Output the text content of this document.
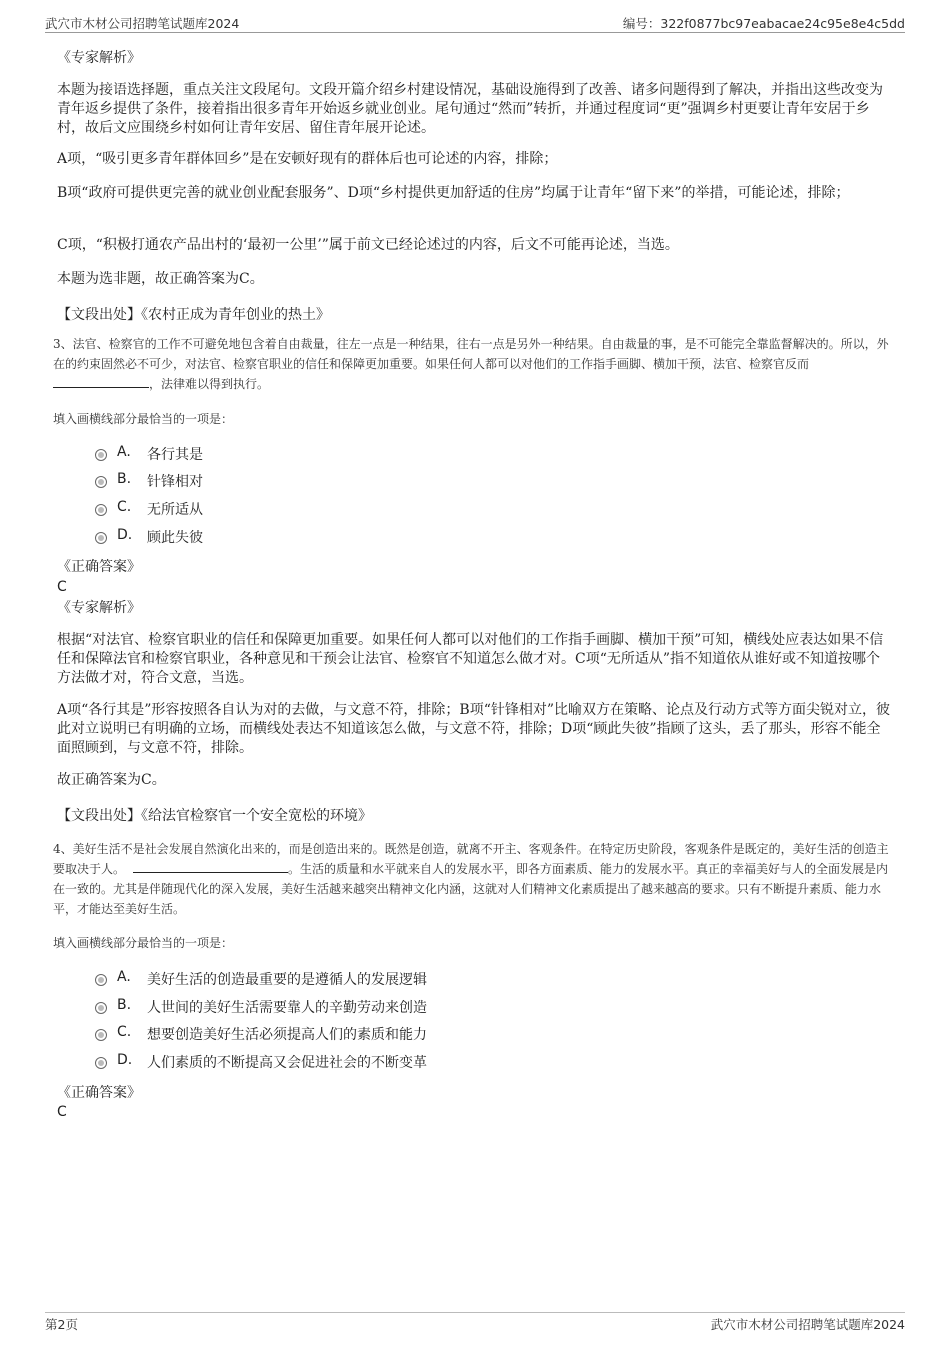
武穴市木材公司招聘笔试题库2024	编号：322f0877bc97eabacae24c95e8e4c5dd
《专家解析》

本题为接语选择题，重点关注文段尾句。文段开篇介绍乡村建设情况，基础设施得到了改善、诸多问题得到了解决，并指出这些改变为青年返乡提供了条件，接着指出很多青年开始返乡就业创业。尾句通过“然而”转折，并通过程度词“更”强调乡村更要让青年安居于乡村，故后文应围绕乡村如何让青年安居、留住青年展开论述。

A项，“吸引更多青年群体回乡”是在安顿好现有的群体后也可论述的内容，排除；

B项“政府可提供更完善的就业创业配套服务”、D项“乡村提供更加舒适的住房”均属于让青年“留下来”的举措，可能论述，排除；

C项，“积极打通农产品出村的‘最初一公里’”属于前文已经论述过的内容，后文不可能再论述，当选。

本题为选非题，故正确答案为C。

【文段出处】《农村正成为青年创业的热土》

3、法官、检察官的工作不可避免地包含着自由裁量，往左一点是一种结果，往右一点是另外一种结果。自由裁量的事，是不可能完全靠监督解决的。所以，外在的约束固然必不可少，对法官、检察官职业的信任和保障更加重要。如果任何人都可以对他们的工作指手画脚、横加干预，法官、检察官反而，法律难以得到执行。

填入画横线部分最恰当的一项是：

A. 各行其是
B. 针锋相对
C. 无所适从
D. 顾此失彼
《正确答案》
C
《专家解析》

根据“对法官、检察官职业的信任和保障更加重要。如果任何人都可以对他们的工作指手画脚、横加干预”可知，横线处应表达如果不信任和保障法官和检察官职业，各种意见和干预会让法官、检察官不知道怎么做才对。C项“无所适从”指不知道依从谁好或不知道按哪个方法做才对，符合文意，当选。

A项“各行其是”形容按照各自认为对的去做，与文意不符，排除；B项“针锋相对”比喻双方在策略、论点及行动方式等方面尖锐对立，彼此对立说明已有明确的立场，而横线处表达不知道该怎么做，与文意不符，排除；D项“顾此失彼”指顾了这头，丢了那头，形容不能全面照顾到，与文意不符，排除。

故正确答案为C。

【文段出处】《给法官检察官一个安全宽松的环境》

4、美好生活不是社会发展自然演化出来的，而是创造出来的。既然是创造，就离不开主、客观条件。在特定历史阶段，客观条件是既定的，美好生活的创造主要取决于人。	。生活的质量和水平就来自人的发展水平，即各方面素质、能力的发展水平。真正的幸福美好与人的全面发展是内在一致的。尤其是伴随现代化的深入发展，美好生活越来越突出精神文化内涵，这就对人们精神文化素质提出了越来越高的要求。只有不断提升素质、能力水平，才能达至美好生活。

填入画横线部分最恰当的一项是：

A. 美好生活的创造最重要的是遵循人的发展逻辑
B. 人世间的美好生活需要靠人的辛勤劳动来创造
C. 想要创造美好生活必须提高人们的素质和能力
D. 人们素质的不断提高又会促进社会的不断变革
《正确答案》
C
第2页	武穴市木材公司招聘笔试题库2024
